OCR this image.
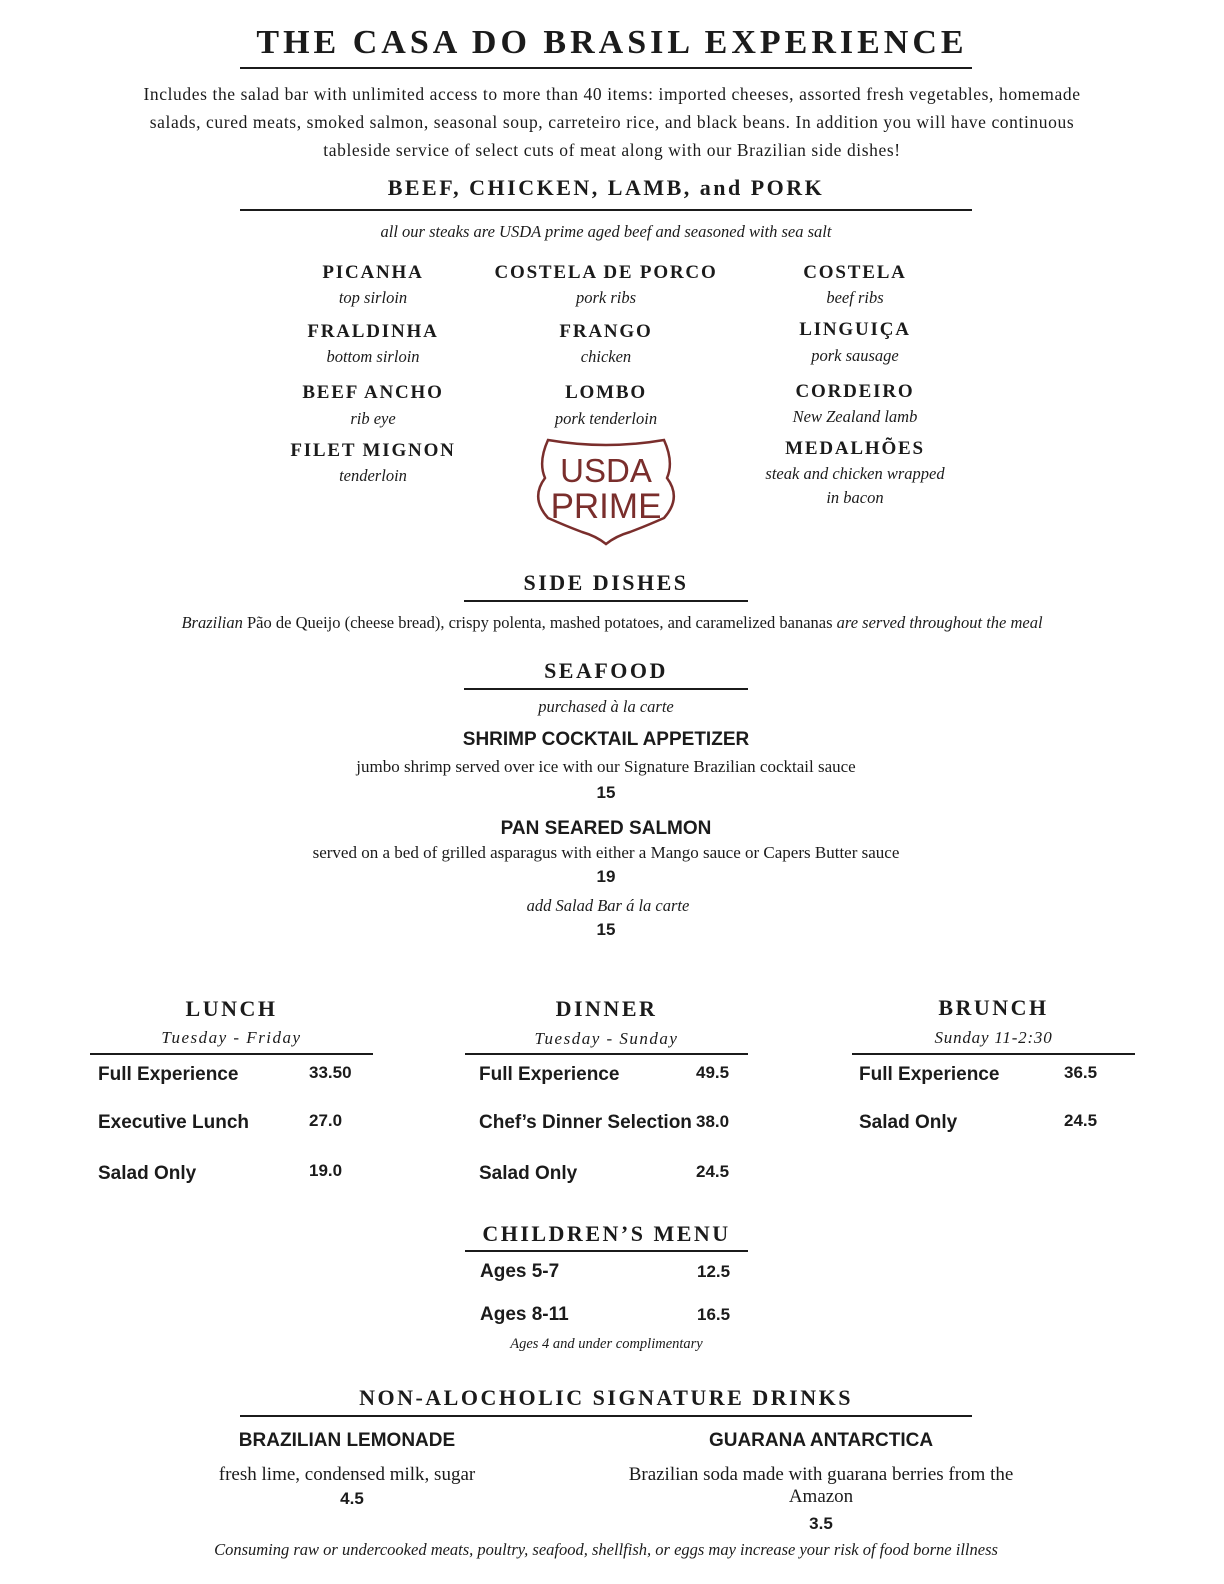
THE CASA DO BRASIL EXPERIENCE
Includes the salad bar with unlimited access to more than 40 items: imported cheeses, assorted fresh vegetables, homemade salads, cured meats, smoked salmon, seasonal soup, carreteiro rice, and black beans. In addition you will have continuous tableside service of select cuts of meat along with our Brazilian side dishes!
BEEF, CHICKEN, LAMB, and PORK
all our steaks are USDA prime aged beef and seasoned with sea salt
PICANHA
top sirloin
FRALDINHA
bottom sirloin
BEEF ANCHO
rib eye
FILET MIGNON
tenderloin
COSTELA DE PORCO
pork ribs
FRANGO
chicken
LOMBO
pork tenderloin
USDA
PRIME
COSTELA
beef ribs
LINGUIÇA
pork sausage
CORDEIRO
New Zealand lamb
MEDALHÕES
steak and chicken wrapped
in bacon
SIDE DISHES
Brazilian Pão de Queijo (cheese bread), crispy polenta, mashed potatoes, and caramelized bananas are served throughout the meal
SEAFOOD
purchased à la carte
SHRIMP COCKTAIL APPETIZER
jumbo shrimp served over ice with our Signature Brazilian cocktail sauce
15
PAN SEARED SALMON
served on a bed of grilled asparagus with either a Mango sauce or Capers Butter sauce
19
add Salad Bar á la carte
15
LUNCH
Tuesday - Friday
Full Experience	33.50
Executive Lunch	27.0
Salad Only	19.0
DINNER
Tuesday - Sunday
Full Experience	49.5
Chef’s Dinner Selection 38.0
Salad Only	24.5
BRUNCH
Sunday 11-2:30
Full Experience	36.5
Salad Only	24.5
CHILDREN’S MENU
Ages 5-7	12.5
Ages 8-11	16.5
Ages 4 and under complimentary
NON-ALOCHOLIC SIGNATURE DRINKS
BRAZILIAN LEMONADE
fresh lime, condensed milk, sugar
4.5
GUARANA ANTARCTICA
Brazilian soda made with guarana berries from the Amazon
3.5
Consuming raw or undercooked meats, poultry, seafood, shellfish, or eggs may increase your risk of food borne illness
